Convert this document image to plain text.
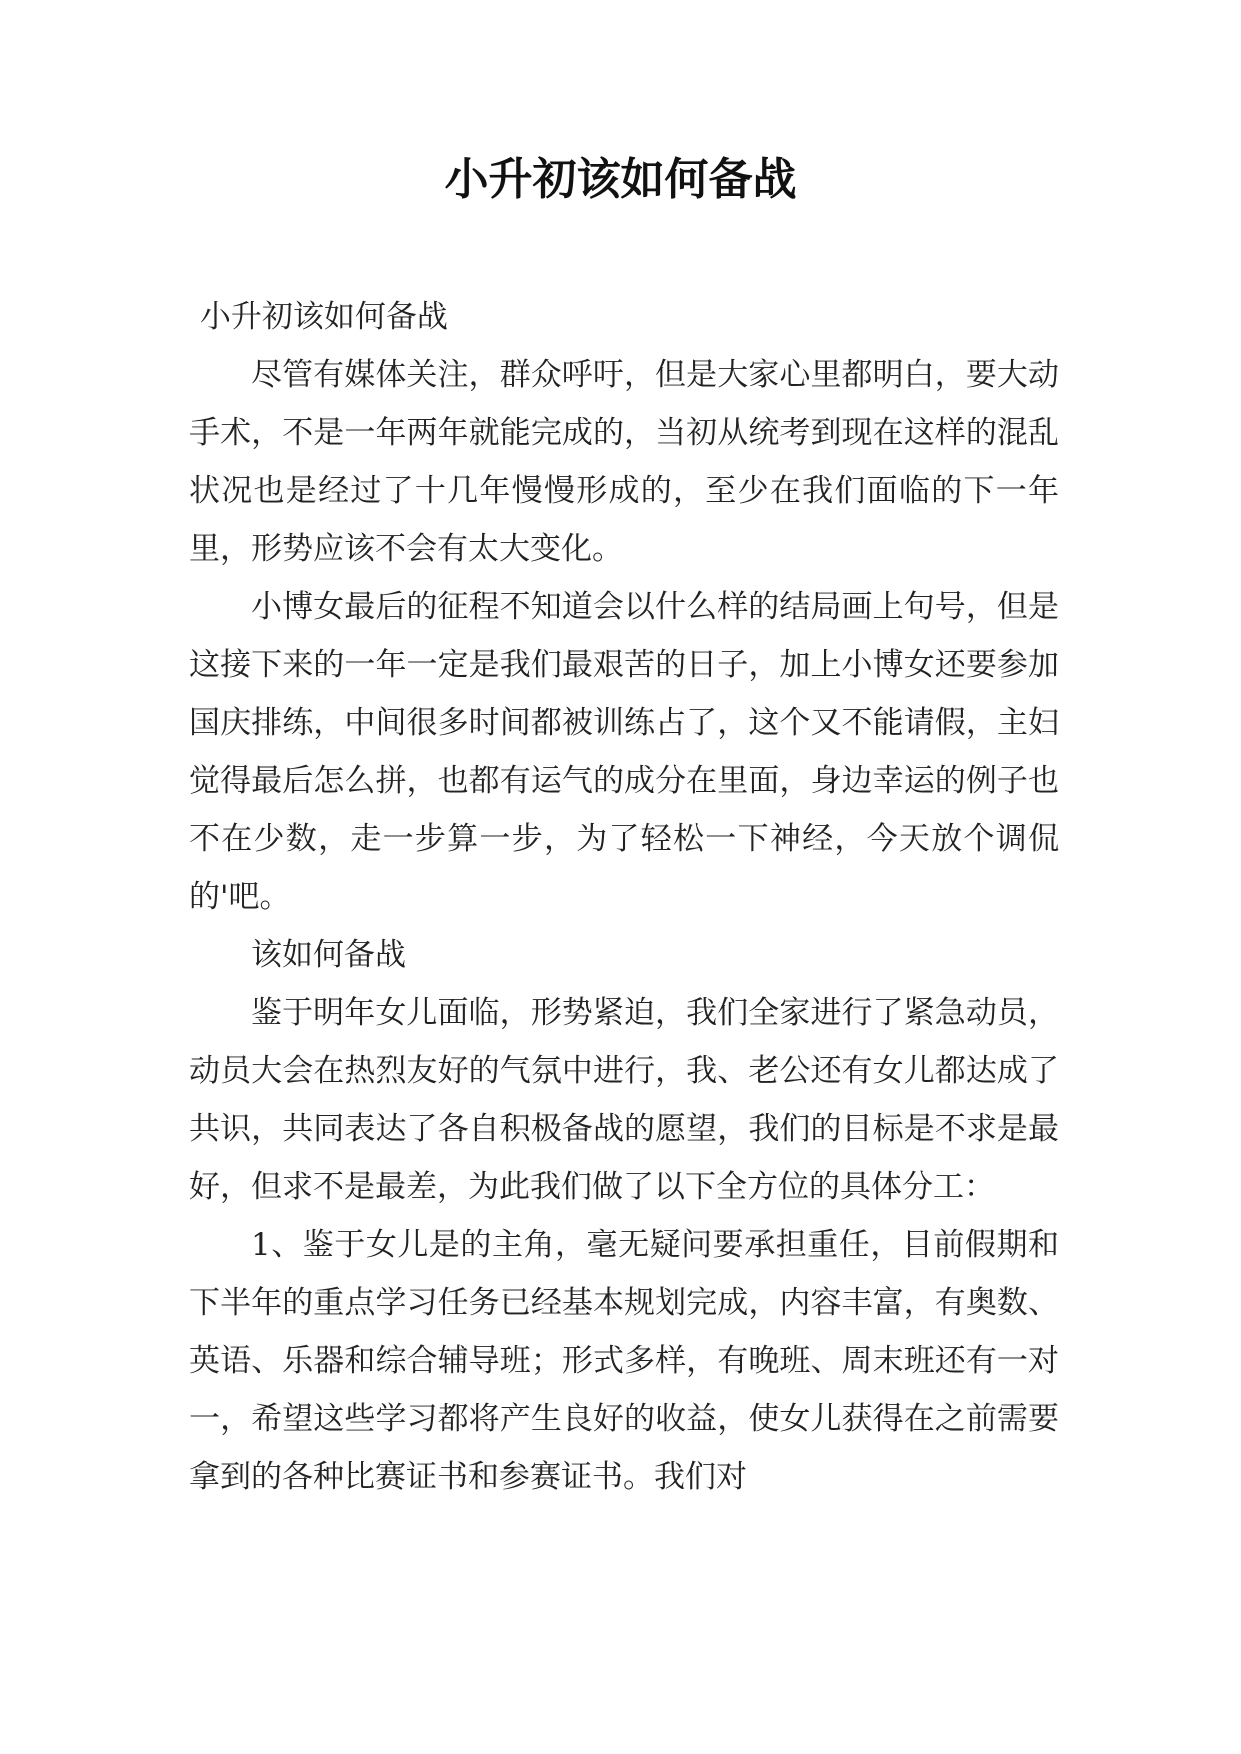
小升初该如何备战

小升初该如何备战

尽管有媒体关注，群众呼吁，但是大家心里都明白，要大动手术，不是一年两年就能完成的，当初从统考到现在这样的混乱状况也是经过了十几年慢慢形成的，至少在我们面临的下一年里，形势应该不会有太大变化。

小博女最后的征程不知道会以什么样的结局画上句号，但是这接下来的一年一定是我们最艰苦的日子，加上小博女还要参加国庆排练，中间很多时间都被训练占了，这个又不能请假，主妇觉得最后怎么拼，也都有运气的成分在里面，身边幸运的例子也不在少数，走一步算一步，为了轻松一下神经，今天放个调侃的'吧。

该如何备战

鉴于明年女儿面临，形势紧迫，我们全家进行了紧急动员，动员大会在热烈友好的气氛中进行，我、老公还有女儿都达成了共识，共同表达了各自积极备战的愿望，我们的目标是不求是最好，但求不是最差，为此我们做了以下全方位的具体分工：

1、鉴于女儿是的主角，毫无疑问要承担重任，目前假期和下半年的重点学习任务已经基本规划完成，内容丰富，有奥数、英语、乐器和综合辅导班；形式多样，有晚班、周末班还有一对一，希望这些学习都将产生良好的收益，使女儿获得在之前需要拿到的各种比赛证书和参赛证书。我们对
